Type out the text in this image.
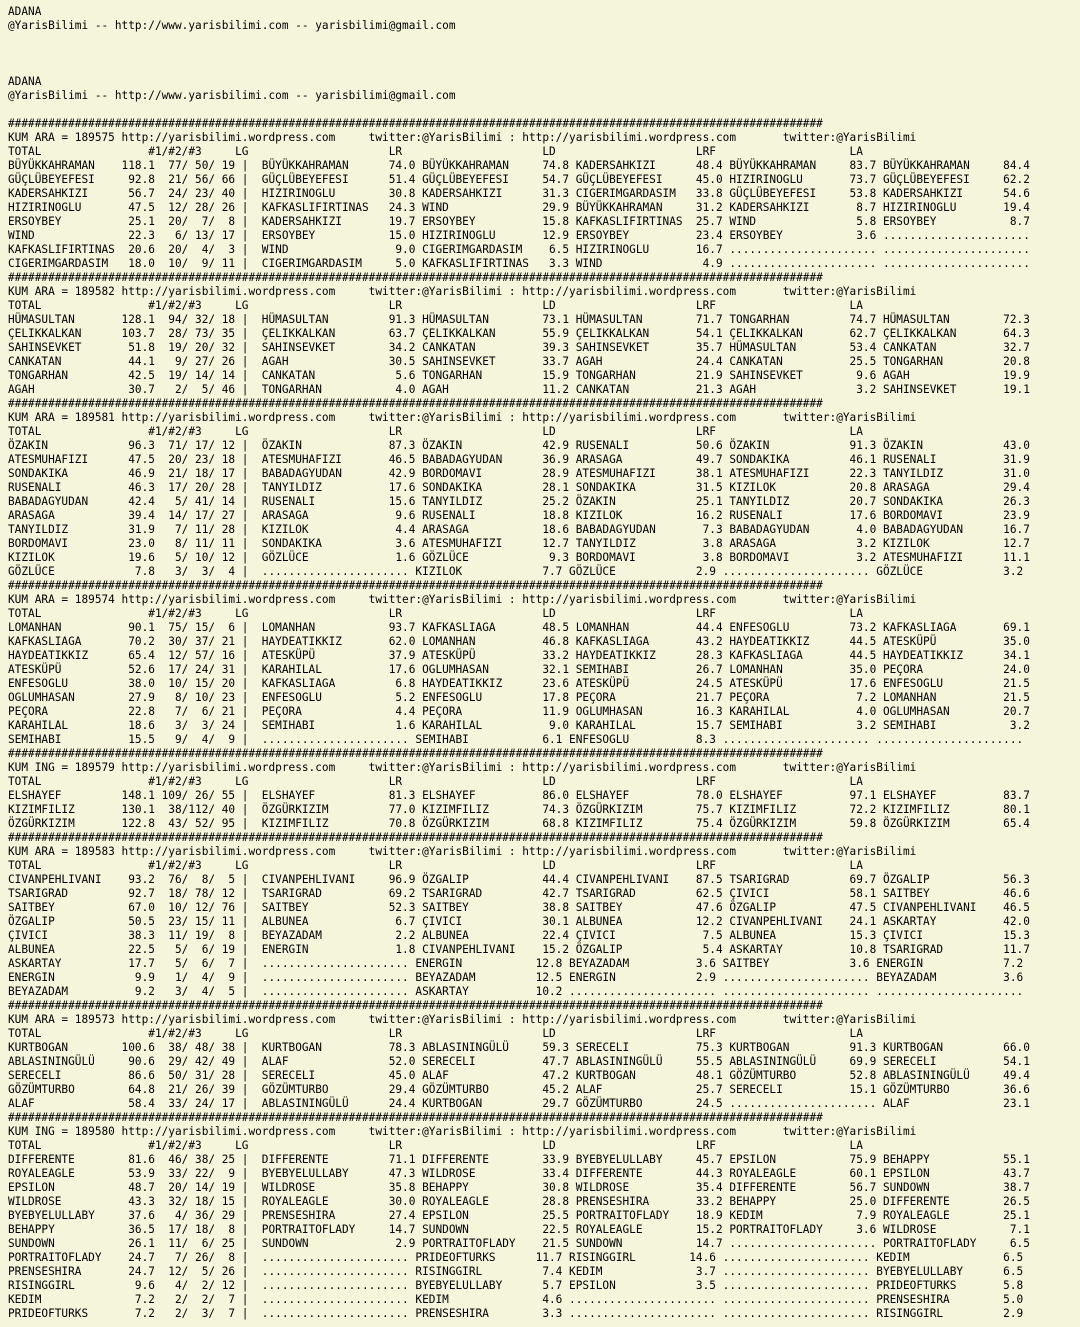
ADANA
@YarisBilimi -- http://www.yarisbilimi.com -- yarisbilimi@gmail.com

ADANA
@YarisBilimi -- http://www.yarisbilimi.com -- yarisbilimi@gmail.com

##########################################################################################################################
KUM ARA = 189575 http://yarisbilimi.wordpress.com     twitter:@YarisBilimi : http://yarisbilimi.wordpress.com       twitter:@YarisBilimi
TOTAL                #1/#2/#3     LG                     LR                     LD                     LRF                    LA
BÜYÜKKAHRAMAN    118.1  77/ 50/ 19 |  BÜYÜKKAHRAMAN      74.0 BÜYÜKKAHRAMAN     74.8 KADERSAHKIZI      48.4 BÜYÜKKAHRAMAN     83.7 BÜYÜKKAHRAMAN     84.4
GÜÇLÜBEYEFESI     92.8  21/ 56/ 66 |  GÜÇLÜBEYEFESI      51.4 GÜÇLÜBEYEFESI     54.7 GÜÇLÜBEYEFESI     45.0 HIZIRINOGLU       73.7 GÜÇLÜBEYEFESI     62.2
KADERSAHKIZI      56.7  24/ 23/ 40 |  HIZIRINOGLU        30.8 KADERSAHKIZI      31.3 CIGERIMGARDASIM   33.8 GÜÇLÜBEYEFESI     53.8 KADERSAHKIZI      54.6
HIZIRINOGLU       47.5  12/ 28/ 26 |  KAFKASLIFIRTINAS   24.3 WIND              29.9 BÜYÜKKAHRAMAN     31.2 KADERSAHKIZI       8.7 HIZIRINOGLU       19.4
ERSOYBEY          25.1  20/  7/  8 |  KADERSAHKIZI       19.7 ERSOYBEY          15.8 KAFKASLIFIRTINAS  25.7 WIND               5.8 ERSOYBEY           8.7
WIND              22.3   6/ 13/ 17 |  ERSOYBEY           15.0 HIZIRINOGLU       12.9 ERSOYBEY          23.4 ERSOYBEY           3.6 ......................
KAFKASLIFIRTINAS  20.6  20/  4/  3 |  WIND                9.0 CIGERIMGARDASIM    6.5 HIZIRINOGLU       16.7 ...................... ......................
CIGERIMGARDASIM   18.0  10/  9/ 11 |  CIGERIMGARDASIM     5.0 KAFKASLIFIRTINAS   3.3 WIND               4.9 ...................... ......................
##########################################################################################################################
KUM ARA = 189582 http://yarisbilimi.wordpress.com     twitter:@YarisBilimi : http://yarisbilimi.wordpress.com       twitter:@YarisBilimi
TOTAL                #1/#2/#3     LG                     LR                     LD                     LRF                    LA
HÜMASULTAN       128.1  94/ 32/ 18 |  HÜMASULTAN         91.3 HÜMASULTAN        73.1 HÜMASULTAN        71.7 TONGARHAN         74.7 HÜMASULTAN        72.3
ÇELIKKALKAN      103.7  28/ 73/ 35 |  ÇELIKKALKAN        63.7 ÇELIKKALKAN       55.9 ÇELIKKALKAN       54.1 ÇELIKKALKAN       62.7 ÇELIKKALKAN       64.3
SAHINSEVKET       51.8  19/ 20/ 32 |  SAHINSEVKET        34.2 CANKATAN          39.3 SAHINSEVKET       35.7 HÜMASULTAN        53.4 CANKATAN          32.7
CANKATAN          44.1   9/ 27/ 26 |  AGAH               30.5 SAHINSEVKET       33.7 AGAH              24.4 CANKATAN          25.5 TONGARHAN         20.8
TONGARHAN         42.5  19/ 14/ 14 |  CANKATAN            5.6 TONGARHAN         15.9 TONGARHAN         21.9 SAHINSEVKET        9.6 AGAH              19.9
AGAH              30.7   2/  5/ 46 |  TONGARHAN           4.0 AGAH              11.2 CANKATAN          21.3 AGAH               3.2 SAHINSEVKET       19.1
##########################################################################################################################
KUM ARA = 189581 http://yarisbilimi.wordpress.com     twitter:@YarisBilimi : http://yarisbilimi.wordpress.com       twitter:@YarisBilimi
TOTAL                #1/#2/#3     LG                     LR                     LD                     LRF                    LA
ÖZAKIN            96.3  71/ 17/ 12 |  ÖZAKIN             87.3 ÖZAKIN            42.9 RUSENALI          50.6 ÖZAKIN            91.3 ÖZAKIN            43.0
ATESMUHAFIZI      47.5  20/ 23/ 18 |  ATESMUHAFIZI       46.5 BABADAGYUDAN      36.9 ARASAGA           49.7 SONDAKIKA         46.1 RUSENALI          31.9
SONDAKIKA         46.9  21/ 18/ 17 |  BABADAGYUDAN       42.9 BORDOMAVI         28.9 ATESMUHAFIZI      38.1 ATESMUHAFIZI      22.3 TANYILDIZ         31.0
RUSENALI          46.3  17/ 20/ 28 |  TANYILDIZ          17.6 SONDAKIKA         28.1 SONDAKIKA         31.5 KIZILOK           20.8 ARASAGA           29.4
BABADAGYUDAN      42.4   5/ 41/ 14 |  RUSENALI           15.6 TANYILDIZ         25.2 ÖZAKIN            25.1 TANYILDIZ         20.7 SONDAKIKA         26.3
ARASAGA           39.4  14/ 17/ 27 |  ARASAGA             9.6 RUSENALI          18.8 KIZILOK           16.2 RUSENALI          17.6 BORDOMAVI         23.9
TANYILDIZ         31.9   7/ 11/ 28 |  KIZILOK             4.4 ARASAGA           18.6 BABADAGYUDAN       7.3 BABADAGYUDAN       4.0 BABADAGYUDAN      16.7
BORDOMAVI         23.0   8/ 11/ 11 |  SONDAKIKA           3.6 ATESMUHAFIZI      12.7 TANYILDIZ          3.8 ARASAGA            3.2 KIZILOK           12.7
KIZILOK           19.6   5/ 10/ 12 |  GÖZLÜCE             1.6 GÖZLÜCE            9.3 BORDOMAVI          3.8 BORDOMAVI          3.2 ATESMUHAFIZI      11.1
GÖZLÜCE            7.8   3/  3/  4 |  ...................... KIZILOK            7.7 GÖZLÜCE            2.9 ...................... GÖZLÜCE            3.2
##########################################################################################################################
KUM ARA = 189574 http://yarisbilimi.wordpress.com     twitter:@YarisBilimi : http://yarisbilimi.wordpress.com       twitter:@YarisBilimi
TOTAL                #1/#2/#3     LG                     LR                     LD                     LRF                    LA
LOMANHAN          90.1  75/ 15/  6 |  LOMANHAN           93.7 KAFKASLIAGA       48.5 LOMANHAN          44.4 ENFESOGLU         73.2 KAFKASLIAGA       69.1
KAFKASLIAGA       70.2  30/ 37/ 21 |  HAYDEATIKKIZ       62.0 LOMANHAN          46.8 KAFKASLIAGA       43.2 HAYDEATIKKIZ      44.5 ATESKÜPÜ          35.0
HAYDEATIKKIZ      65.4  12/ 57/ 16 |  ATESKÜPÜ           37.9 ATESKÜPÜ          33.2 HAYDEATIKKIZ      28.3 KAFKASLIAGA       44.5 HAYDEATIKKIZ      34.1
ATESKÜPÜ          52.6  17/ 24/ 31 |  KARAHILAL          17.6 OGLUMHASAN        32.1 SEMIHABI          26.7 LOMANHAN          35.0 PEÇORA            24.0
ENFESOGLU         38.0  10/ 15/ 20 |  KAFKASLIAGA         6.8 HAYDEATIKKIZ      23.6 ATESKÜPÜ          24.5 ATESKÜPÜ          17.6 ENFESOGLU         21.5
OGLUMHASAN        27.9   8/ 10/ 23 |  ENFESOGLU           5.2 ENFESOGLU         17.8 PEÇORA            21.7 PEÇORA             7.2 LOMANHAN          21.5
PEÇORA            22.8   7/  6/ 21 |  PEÇORA              4.4 PEÇORA            11.9 OGLUMHASAN        16.3 KARAHILAL          4.0 OGLUMHASAN        20.7
KARAHILAL         18.6   3/  3/ 24 |  SEMIHABI            1.6 KARAHILAL          9.0 KARAHILAL         15.7 SEMIHABI           3.2 SEMIHABI           3.2
SEMIHABI          15.5   9/  4/  9 |  ...................... SEMIHABI           6.1 ENFESOGLU          8.3 ...................... ......................
##########################################################################################################################
KUM ING = 189579 http://yarisbilimi.wordpress.com     twitter:@YarisBilimi : http://yarisbilimi.wordpress.com       twitter:@YarisBilimi
TOTAL                #1/#2/#3     LG                     LR                     LD                     LRF                    LA
ELSHAYEF         148.1 109/ 26/ 55 |  ELSHAYEF           81.3 ELSHAYEF          86.0 ELSHAYEF          78.0 ELSHAYEF          97.1 ELSHAYEF          83.7
KIZIMFILIZ       130.1  38/112/ 40 |  ÖZGÜRKIZIM         77.0 KIZIMFILIZ        74.3 ÖZGÜRKIZIM        75.7 KIZIMFILIZ        72.2 KIZIMFILIZ        80.1
ÖZGÜRKIZIM       122.8  43/ 52/ 95 |  KIZIMFILIZ         70.8 ÖZGÜRKIZIM        68.8 KIZIMFILIZ        75.4 ÖZGÜRKIZIM        59.8 ÖZGÜRKIZIM        65.4
##########################################################################################################################
KUM ARA = 189583 http://yarisbilimi.wordpress.com     twitter:@YarisBilimi : http://yarisbilimi.wordpress.com       twitter:@YarisBilimi
TOTAL                #1/#2/#3     LG                     LR                     LD                     LRF                    LA
CIVANPEHLIVANI    93.2  76/  8/  5 |  CIVANPEHLIVANI     96.9 ÖZGALIP           44.4 CIVANPEHLIVANI    87.5 TSARIGRAD         69.7 ÖZGALIP           56.3
TSARIGRAD         92.7  18/ 78/ 12 |  TSARIGRAD          69.2 TSARIGRAD         42.7 TSARIGRAD         62.5 ÇIVICI            58.1 SAITBEY           46.6
SAITBEY           67.0  10/ 12/ 76 |  SAITBEY            52.3 SAITBEY           38.8 SAITBEY           47.6 ÖZGALIP           47.5 CIVANPEHLIVANI    46.5
ÖZGALIP           50.5  23/ 15/ 11 |  ALBUNEA             6.7 ÇIVICI            30.1 ALBUNEA           12.2 CIVANPEHLIVANI    24.1 ASKARTAY          42.0
ÇIVICI            38.3  11/ 19/  8 |  BEYAZADAM           2.2 ALBUNEA           22.4 ÇIVICI             7.5 ALBUNEA           15.3 ÇIVICI            15.3
ALBUNEA           22.5   5/  6/ 19 |  ENERGIN             1.8 CIVANPEHLIVANI    15.2 ÖZGALIP            5.4 ASKARTAY          10.8 TSARIGRAD         11.7
ASKARTAY          17.7   5/  6/  7 |  ...................... ENERGIN           12.8 BEYAZADAM          3.6 SAITBEY            3.6 ENERGIN            7.2
ENERGIN            9.9   1/  4/  9 |  ...................... BEYAZADAM         12.5 ENERGIN            2.9 ...................... BEYAZADAM          3.6
BEYAZADAM          9.2   3/  4/  5 |  ...................... ASKARTAY          10.2 ...................... ...................... ......................
##########################################################################################################################
KUM ARA = 189573 http://yarisbilimi.wordpress.com     twitter:@YarisBilimi : http://yarisbilimi.wordpress.com       twitter:@YarisBilimi
TOTAL                #1/#2/#3     LG                     LR                     LD                     LRF                    LA
KURTBOGAN        100.6  38/ 48/ 38 |  KURTBOGAN          78.3 ABLASININGÜLÜ     59.3 SERECELI          75.3 KURTBOGAN         91.3 KURTBOGAN         66.0
ABLASININGÜLÜ     90.6  29/ 42/ 49 |  ALAF               52.0 SERECELI          47.7 ABLASININGÜLÜ     55.5 ABLASININGÜLÜ     69.9 SERECELI          54.1
SERECELI          86.6  50/ 31/ 28 |  SERECELI           45.0 ALAF              47.2 KURTBOGAN         48.1 GÖZÜMTURBO        52.8 ABLASININGÜLÜ     49.4
GÖZÜMTURBO        64.8  21/ 26/ 39 |  GÖZÜMTURBO         29.4 GÖZÜMTURBO        45.2 ALAF              25.7 SERECELI          15.1 GÖZÜMTURBO        36.6
ALAF              58.4  33/ 24/ 17 |  ABLASININGÜLÜ      24.4 KURTBOGAN         29.7 GÖZÜMTURBO        24.5 ...................... ALAF              23.1
##########################################################################################################################
KUM ING = 189580 http://yarisbilimi.wordpress.com     twitter:@YarisBilimi : http://yarisbilimi.wordpress.com       twitter:@YarisBilimi
TOTAL                #1/#2/#3     LG                     LR                     LD                     LRF                    LA
DIFFERENTE        81.6  46/ 38/ 25 |  DIFFERENTE         71.1 DIFFERENTE        33.9 BYEBYELULLABY     45.7 EPSILON           75.9 BEHAPPY           55.1
ROYALEAGLE        53.9  33/ 22/  9 |  BYEBYELULLABY      47.3 WILDROSE          33.4 DIFFERENTE        44.3 ROYALEAGLE        60.1 EPSILON           43.7
EPSILON           48.7  20/ 14/ 19 |  WILDROSE           35.8 BEHAPPY           30.8 WILDROSE          35.4 DIFFERENTE        56.7 SUNDOWN           38.7
WILDROSE          43.3  32/ 18/ 15 |  ROYALEAGLE         30.0 ROYALEAGLE        28.8 PRENSESHIRA       33.2 BEHAPPY           25.0 DIFFERENTE        26.5
BYEBYELULLABY     37.6   4/ 36/ 29 |  PRENSESHIRA        27.4 EPSILON           25.5 PORTRAITOFLADY    18.9 KEDIM              7.9 ROYALEAGLE        25.1
BEHAPPY           36.5  17/ 18/  8 |  PORTRAITOFLADY     14.7 SUNDOWN           22.5 ROYALEAGLE        15.2 PORTRAITOFLADY     3.6 WILDROSE           7.1
SUNDOWN           26.1  11/  6/ 25 |  SUNDOWN             2.9 PORTRAITOFLADY    21.5 SUNDOWN           14.7 ...................... PORTRAITOFLADY     6.5
PORTRAITOFLADY    24.7   7/ 26/  8 |  ...................... PRIDEOFTURKS      11.7 RISINGGIRL        14.6 ...................... KEDIM              6.5
PRENSESHIRA       24.7  12/  5/ 26 |  ...................... RISINGGIRL         7.4 KEDIM              3.7 ...................... BYEBYELULLABY      6.5
RISINGGIRL         9.6   4/  2/ 12 |  ...................... BYEBYELULLABY      5.7 EPSILON            3.5 ...................... PRIDEOFTURKS       5.8
KEDIM              7.2   2/  2/  7 |  ...................... KEDIM              4.6 ...................... ...................... PRENSESHIRA        5.0
PRIDEOFTURKS       7.2   2/  3/  7 |  ...................... PRENSESHIRA        3.3 ...................... ...................... RISINGGIRL         2.9
